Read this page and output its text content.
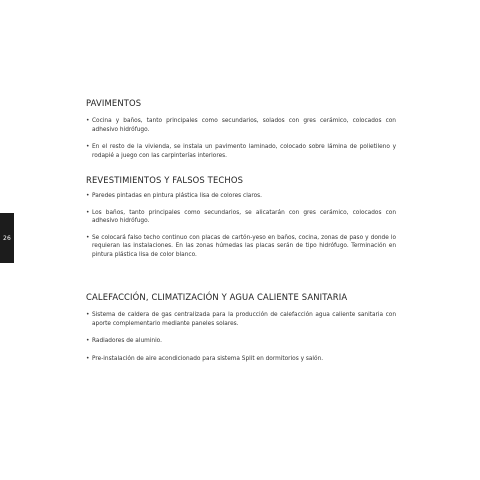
26
PAVIMENTOS
• Cocina y baños, tanto principales como secundarios, solados con gres cerámico, colocados con adhesivo hidrófugo.
• En el resto de la vivienda, se instala un pavimento laminado, colocado sobre lámina de polietileno y rodapié a juego con las carpinterías interiores.
REVESTIMIENTOS Y FALSOS TECHOS
• Paredes pintadas en pintura plástica lisa de colores claros.
• Los baños, tanto principales como secundarios, se alicatarán con gres cerámico, colocados con adhesivo hidrófugo.
• Se colocará falso techo continuo con placas de cartón-yeso en baños, cocina, zonas de paso y donde lo requieran las instalaciones. En las zonas húmedas las placas serán de tipo hidrófugo. Terminación en pintura plástica lisa de color blanco.
CALEFACCIÓN, CLIMATIZACIÓN Y AGUA CALIENTE SANITARIA
• Sistema de caldera de gas centralizada para la producción de calefacción agua caliente sanitaria con aporte complementario mediante paneles solares.
• Radiadores de aluminio.
• Pre-instalación de aire acondicionado para sistema Split en dormitorios y salón.
